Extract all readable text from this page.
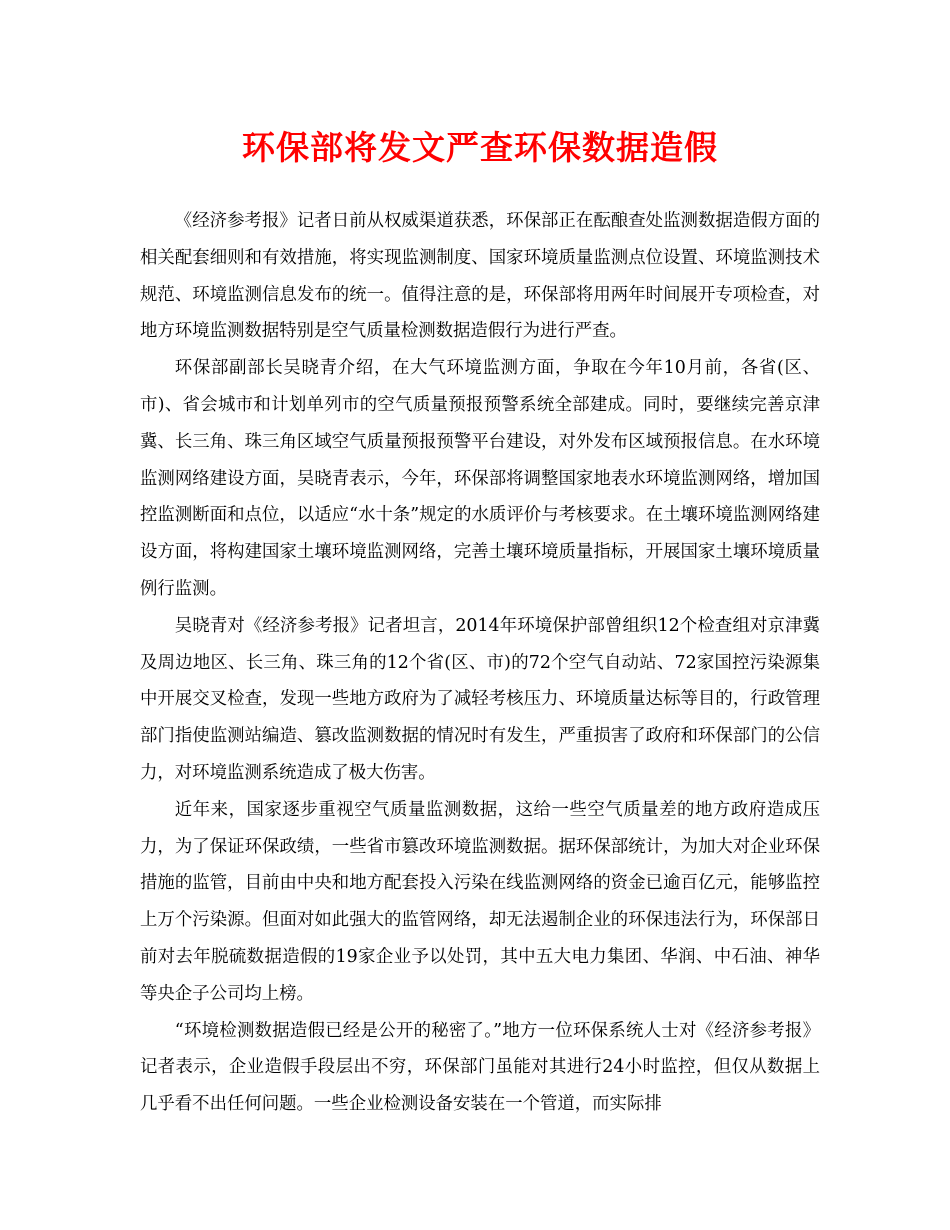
环保部将发文严查环保数据造假

《经济参考报》记者日前从权威渠道获悉，环保部正在酝酿查处监测数据造假方面的相关配套细则和有效措施，将实现监测制度、国家环境质量监测点位设置、环境监测技术规范、环境监测信息发布的统一。值得注意的是，环保部将用两年时间展开专项检查，对地方环境监测数据特别是空气质量检测数据造假行为进行严查。

环保部副部长吴晓青介绍，在大气环境监测方面，争取在今年10月前，各省(区、市)、省会城市和计划单列市的空气质量预报预警系统全部建成。同时，要继续完善京津冀、长三角、珠三角区域空气质量预报预警平台建设，对外发布区域预报信息。在水环境监测网络建设方面，吴晓青表示，今年，环保部将调整国家地表水环境监测网络，增加国控监测断面和点位，以适应“水十条”规定的水质评价与考核要求。在土壤环境监测网络建设方面，将构建国家土壤环境监测网络，完善土壤环境质量指标，开展国家土壤环境质量例行监测。

吴晓青对《经济参考报》记者坦言，2014年环境保护部曾组织12个检查组对京津冀及周边地区、长三角、珠三角的12个省(区、市)的72个空气自动站、72家国控污染源集中开展交叉检查，发现一些地方政府为了减轻考核压力、环境质量达标等目的，行政管理部门指使监测站编造、篡改监测数据的情况时有发生，严重损害了政府和环保部门的公信力，对环境监测系统造成了极大伤害。

近年来，国家逐步重视空气质量监测数据，这给一些空气质量差的地方政府造成压力，为了保证环保政绩，一些省市篡改环境监测数据。据环保部统计，为加大对企业环保措施的监管，目前由中央和地方配套投入污染在线监测网络的资金已逾百亿元，能够监控上万个污染源。但面对如此强大的监管网络，却无法遏制企业的环保违法行为，环保部日前对去年脱硫数据造假的19家企业予以处罚，其中五大电力集团、华润、中石油、神华等央企子公司均上榜。

“环境检测数据造假已经是公开的秘密了。”地方一位环保系统人士对《经济参考报》记者表示，企业造假手段层出不穷，环保部门虽能对其进行24小时监控，但仅从数据上几乎看不出任何问题。一些企业检测设备安装在一个管道，而实际排
